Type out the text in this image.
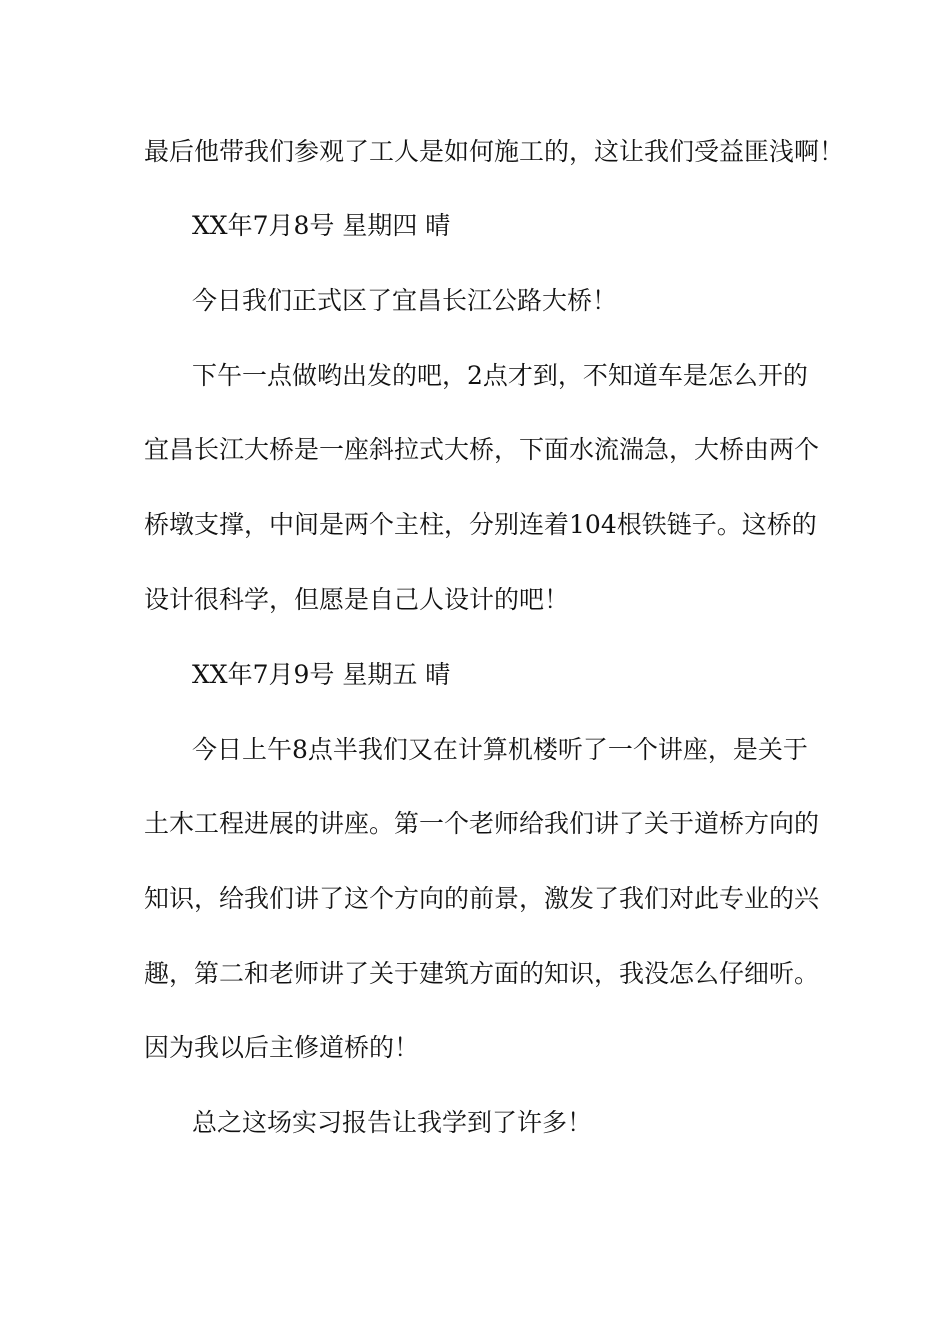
最后他带我们参观了工人是如何施工的，这让我们受益匪浅啊！
XX年7月8号 星期四 晴
今日我们正式区了宜昌长江公路大桥！
下午一点做哟出发的吧，2点才到，不知道车是怎么开的
宜昌长江大桥是一座斜拉式大桥，下面水流湍急，大桥由两个
桥墩支撑，中间是两个主柱，分别连着104根铁链子。这桥的
设计很科学，但愿是自己人设计的吧！
XX年7月9号 星期五 晴
今日上午8点半我们又在计算机楼听了一个讲座，是关于
土木工程进展的讲座。第一个老师给我们讲了关于道桥方向的
知识，给我们讲了这个方向的前景，激发了我们对此专业的兴
趣，第二和老师讲了关于建筑方面的知识，我没怎么仔细听。
因为我以后主修道桥的！
总之这场实习报告让我学到了许多！
